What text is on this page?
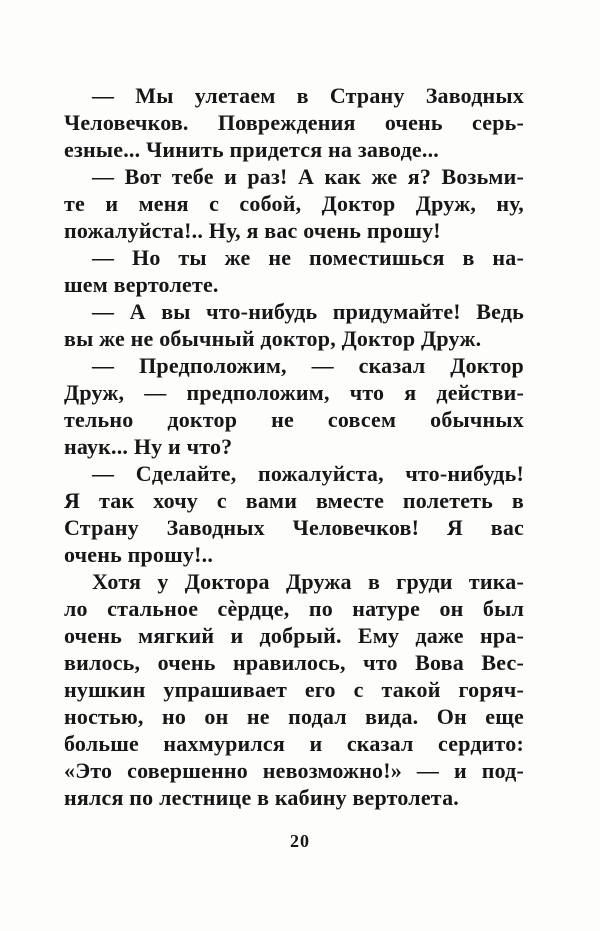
— Мы улетаем в Страну Заводных
Человечков. Повреждения очень серь-
езные... Чинить придется на заводе...
— Вот тебе и раз! А как же я? Возьми-
те и меня с собой, Доктор Друж, ну,
пожалуйста!.. Ну, я вас очень прошу!
— Но ты же не поместишься в на-
шем вертолете.
— А вы что-нибудь придумайте! Ведь
вы же не обычный доктор, Доктор Друж.
— Предположим, — сказал Доктор
Друж, — предположим, что я действи-
тельно доктор не совсем обычных
наук... Ну и что?
— Сделайте, пожалуйста, что-нибудь!
Я так хочу с вами вместе полететь в
Страну Заводных Человечков! Я вас
очень прошу!..
Хотя у Доктора Дружа в груди тика-
ло стальное сѐрдце, по натуре он был
очень мягкий и добрый. Ему даже нра-
вилось, очень нравилось, что Вова Вес-
нушкин упрашивает его с такой горяч-
ностью, но он не подал вида. Он еще
больше нахмурился и сказал сердито:
«Это совершенно невозможно!» — и под-
нялся по лестнице в кабину вертолета.
20
